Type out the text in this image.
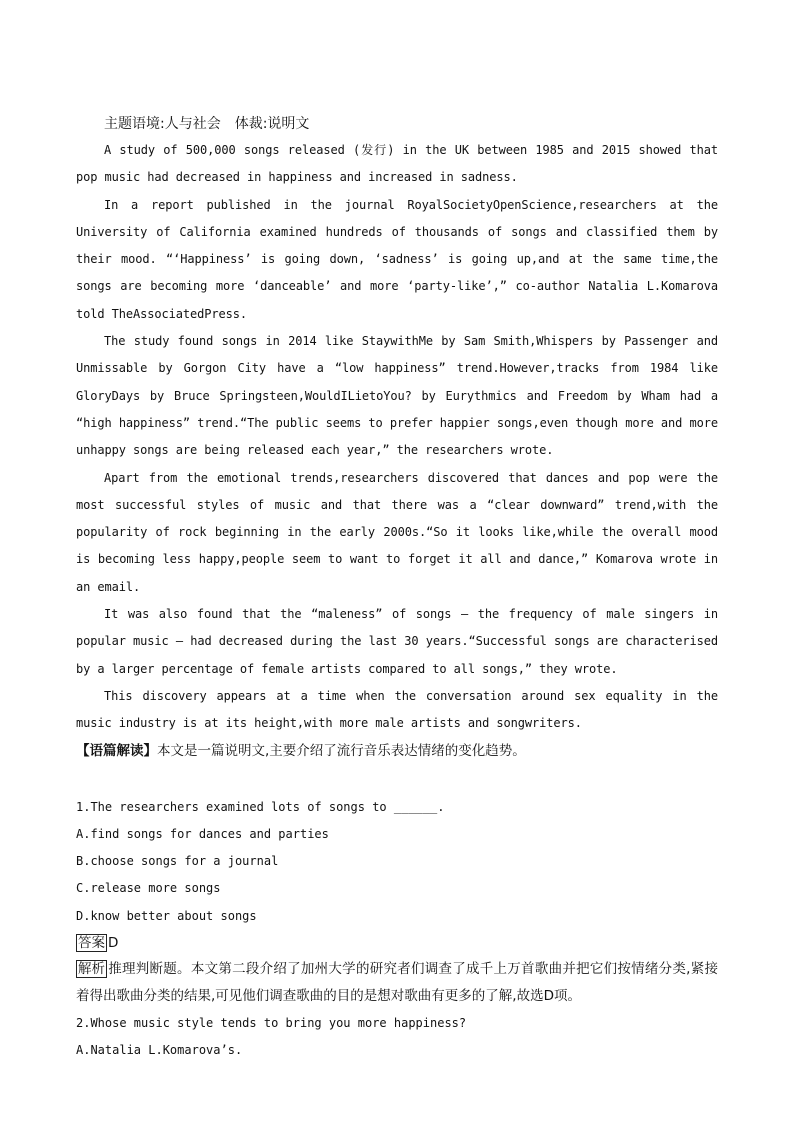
主题语境:人与社会　体裁:说明文

A study of 500,000 songs released (发行) in the UK between 1985 and 2015 showed that pop music had decreased in happiness and increased in sadness.

In a report published in the journal RoyalSocietyOpenScience,researchers at the University of California examined hundreds of thousands of songs and classified them by their mood. “‘Happiness’ is going down, ‘sadness’ is going up,and at the same time,the songs are becoming more ‘danceable’ and more ‘party-like’,” co-author Natalia L.Komarova told TheAssociatedPress.

The study found songs in 2014 like StaywithMe by Sam Smith,Whispers by Passenger and Unmissable by Gorgon City have a “low happiness” trend.However,tracks from 1984 like GloryDays by Bruce Springsteen,WouldILietoYou? by Eurythmics and Freedom by Wham had a “high happiness” trend.“The public seems to prefer happier songs,even though more and more unhappy songs are being released each year,” the researchers wrote.

Apart from the emotional trends,researchers discovered that dances and pop were the most successful styles of music and that there was a “clear downward” trend,with the popularity of rock beginning in the early 2000s.“So it looks like,while the overall mood is becoming less happy,people seem to want to forget it all and dance,” Komarova wrote in an email.

It was also found that the “maleness” of songs — the frequency of male singers in popular music — had decreased during the last 30 years.“Successful songs are characterised by a larger percentage of female artists compared to all songs,” they wrote.

This discovery appears at a time when the conversation around sex equality in the music industry is at its height,with more male artists and songwriters.

【语篇解读】本文是一篇说明文,主要介绍了流行音乐表达情绪的变化趋势。
1.The researchers examined lots of songs to ______.
A.find songs for dances and parties
B.choose songs for a journal
C.release more songs
D.know better about songs
答案 D
解析 推理判断题。本文第二段介绍了加州大学的研究者们调查了成千上万首歌曲并把它们按情绪分类,紧接着得出歌曲分类的结果,可见他们调查歌曲的目的是想对歌曲有更多的了解,故选D项。
2.Whose music style tends to bring you more happiness?
A.Natalia L.Komarova’s.
